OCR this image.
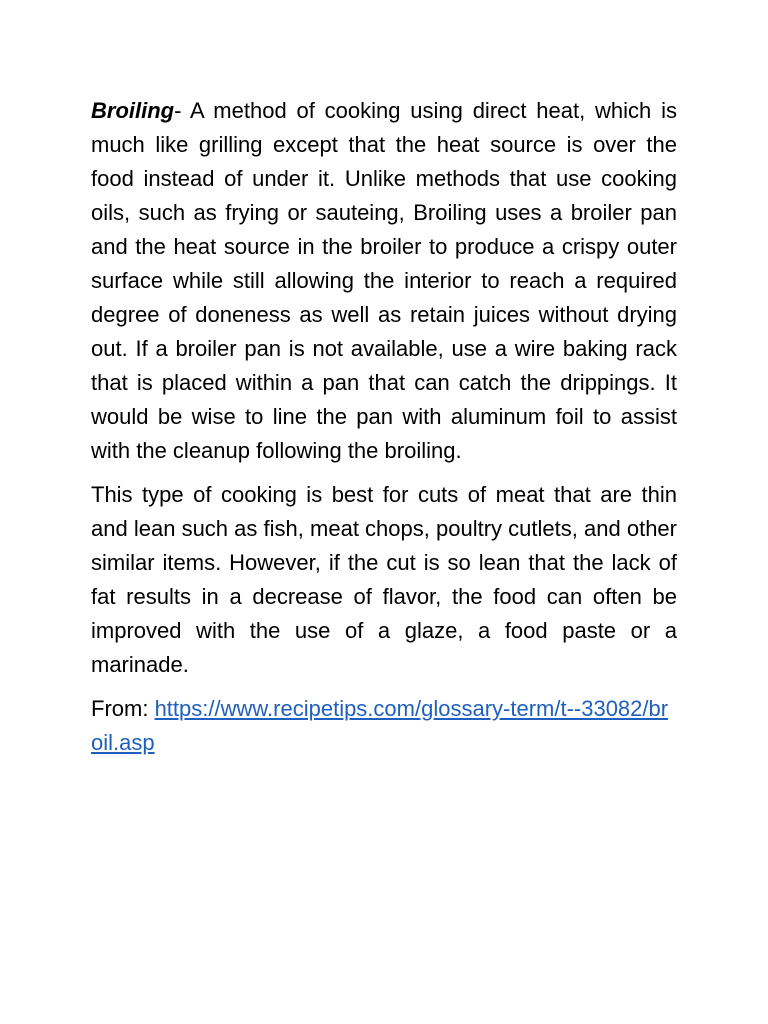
Broiling- A method of cooking using direct heat, which is much like grilling except that the heat source is over the food instead of under it. Unlike methods that use cooking oils, such as frying or sauteing, Broiling uses a broiler pan and the heat source in the broiler to produce a crispy outer surface while still allowing the interior to reach a required degree of doneness as well as retain juices without drying out. If a broiler pan is not available, use a wire baking rack that is placed within a pan that can catch the drippings. It would be wise to line the pan with aluminum foil to assist with the cleanup following the broiling.

This type of cooking is best for cuts of meat that are thin and lean such as fish, meat chops, poultry cutlets, and other similar items. However, if the cut is so lean that the lack of fat results in a decrease of flavor, the food can often be improved with the use of a glaze, a food paste or a marinade.

From: https://www.recipetips.com/glossary-term/t--33082/broil.asp
